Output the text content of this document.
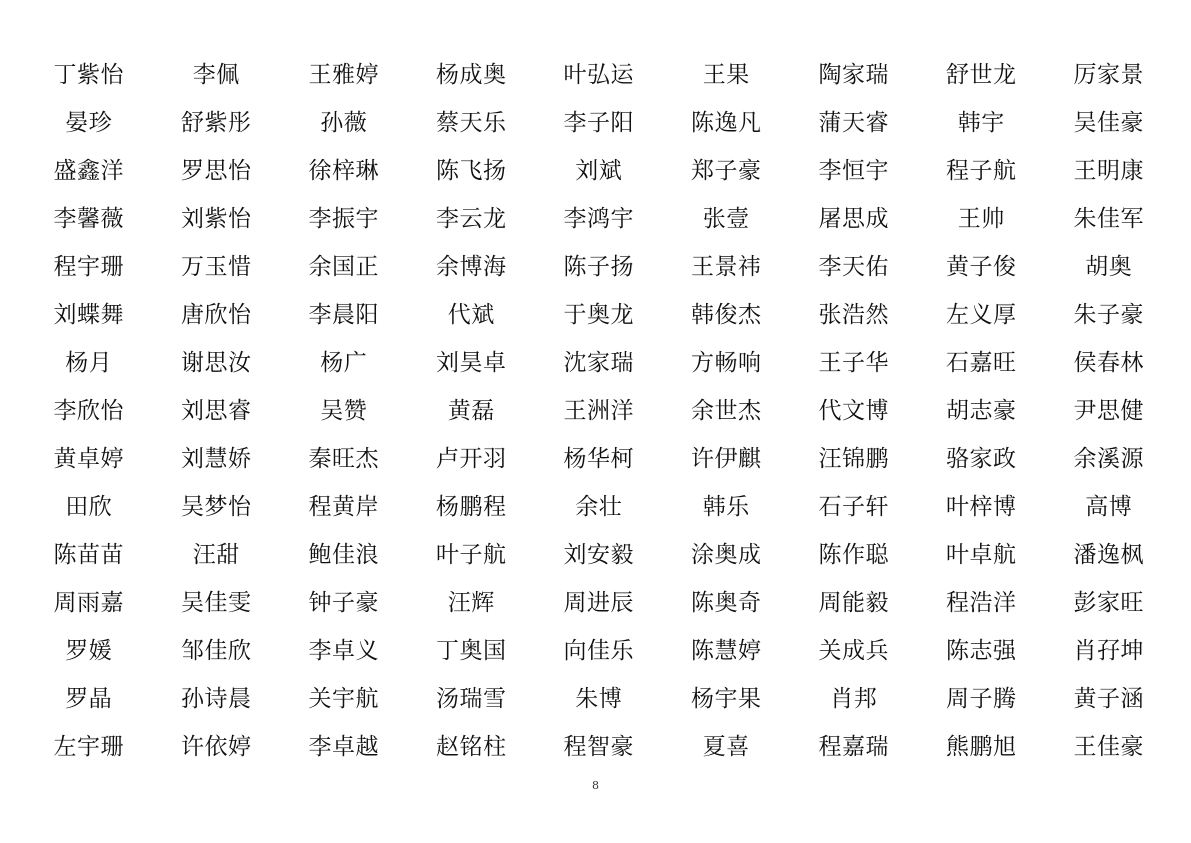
丁紫怡	李佩	王雅婷	杨成奥	叶弘运	王果	陶家瑞	舒世龙	厉家景
晏珍	舒紫彤	孙薇	蔡天乐	李子阳	陈逸凡	蒲天睿	韩宇	吴佳豪
盛鑫洋	罗思怡	徐梓琳	陈飞扬	刘斌	郑子豪	李恒宇	程子航	王明康
李馨薇	刘紫怡	李振宇	李云龙	李鸿宇	张壹	屠思成	王帅	朱佳军
程宇珊	万玉惜	余国正	余博海	陈子扬	王景祎	李天佑	黄子俊	胡奥
刘蝶舞	唐欣怡	李晨阳	代斌	于奥龙	韩俊杰	张浩然	左义厚	朱子豪
杨月	谢思汝	杨广	刘昊卓	沈家瑞	方畅响	王子华	石嘉旺	侯春林
李欣怡	刘思睿	吴赞	黄磊	王洲洋	余世杰	代文博	胡志豪	尹思健
黄卓婷	刘慧娇	秦旺杰	卢开羽	杨华柯	许伊麒	汪锦鹏	骆家政	余溪源
田欣	吴梦怡	程黄岸	杨鹏程	余壮	韩乐	石子轩	叶梓博	高博
陈苗苗	汪甜	鲍佳浪	叶子航	刘安毅	涂奥成	陈作聪	叶卓航	潘逸枫
周雨嘉	吴佳雯	钟子豪	汪辉	周进辰	陈奥奇	周能毅	程浩洋	彭家旺
罗媛	邹佳欣	李卓义	丁奥国	向佳乐	陈慧婷	关成兵	陈志强	肖孖坤
罗晶	孙诗晨	关宇航	汤瑞雪	朱博	杨宇果	肖邦	周子腾	黄子涵
左宇珊	许依婷	李卓越	赵铭柱	程智豪	夏喜	程嘉瑞	熊鹏旭	王佳豪
8
